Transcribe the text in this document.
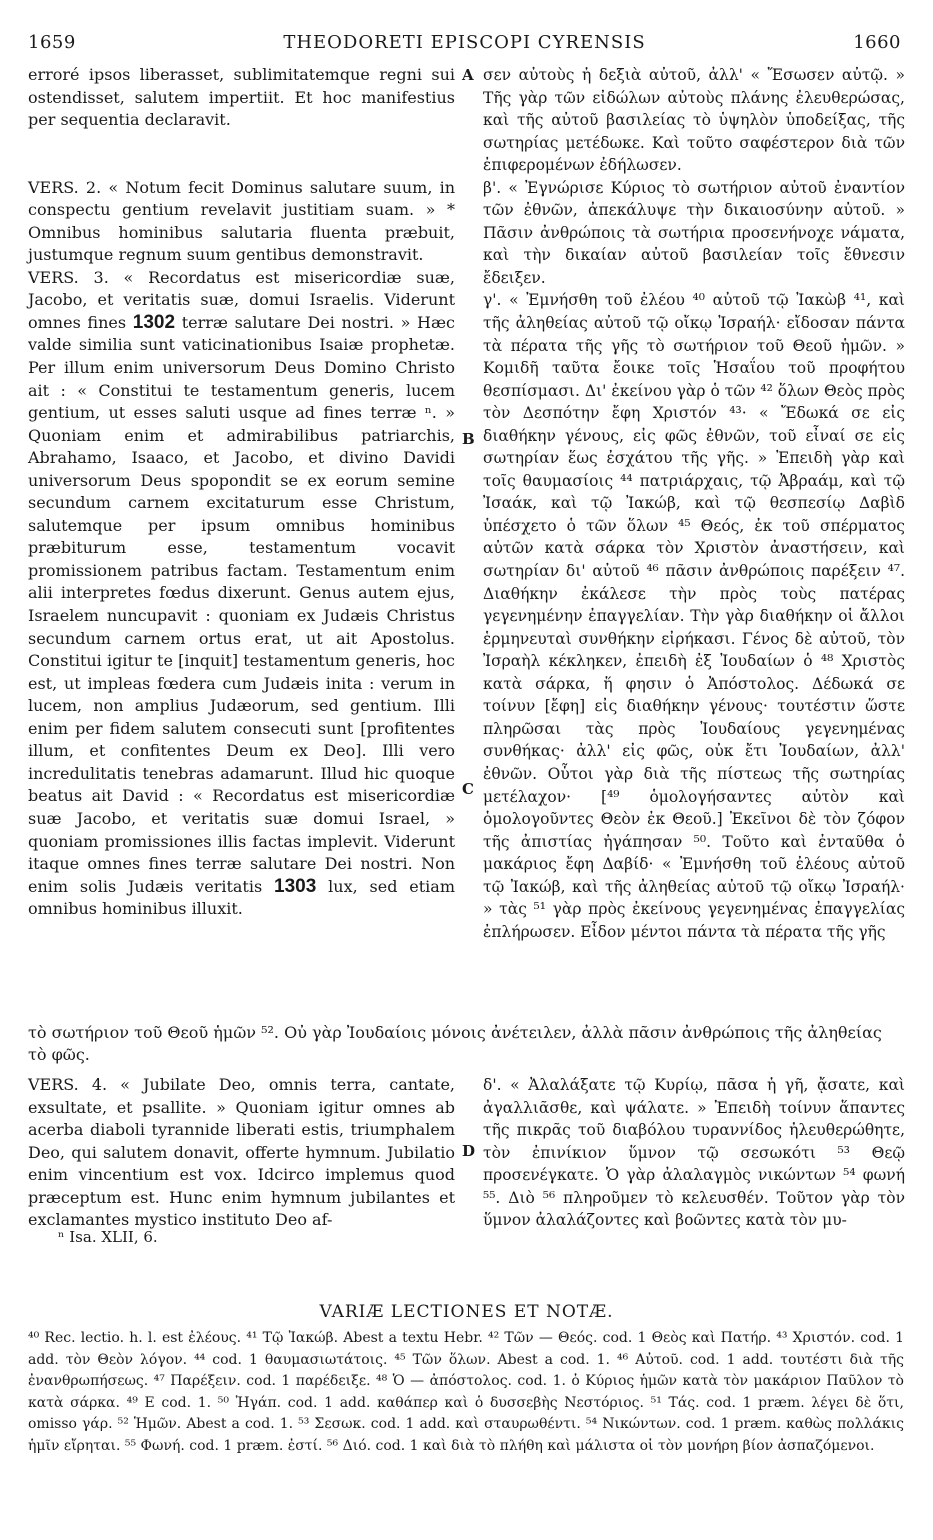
1659	THEODORETI EPISCOPI CYRENSIS	1660
A
B
C
D

erroré ipsos liberasset, sublimitatemque regni sui ostendisset, salutem impertiit. Et hoc manifestius per sequentia declaravit.

VERS. 2. « Notum fecit Dominus salutare suum, in conspectu gentium revelavit justitiam suam. » * Omnibus hominibus salutaria fluenta præbuit, justumque regnum suum gentibus demonstravit.

VERS. 3. « Recordatus est misericordiæ suæ, Jacobo, et veritatis suæ, domui Israelis. Viderunt omnes fines 1302 terræ salutare Dei nostri. » Hæc valde similia sunt vaticinationibus Isaiæ prophetæ. Per illum enim universorum Deus Domino Christo ait : « Constitui te testamentum generis, lucem gentium, ut esses saluti usque ad fines terræ ⁿ. » Quoniam enim et admirabilibus patriarchis, Abrahamo, Isaaco, et Jacobo, et divino Davidi universorum Deus spopondit se ex eorum semine secundum carnem excitaturum esse Christum, salutemque per ipsum omnibus hominibus præbiturum esse, testamentum vocavit promissionem patribus factam. Testamentum enim alii interpretes fœdus dixerunt. Genus autem ejus, Israelem nuncupavit : quoniam ex Judæis Christus secundum carnem ortus erat, ut ait Apostolus. Constitui igitur te [inquit] testamentum generis, hoc est, ut impleas fœdera cum Judæis inita : verum in lucem, non amplius Judæorum, sed gentium. Illi enim per fidem salutem consecuti sunt [profitentes illum, et confitentes Deum ex Deo]. Illi vero incredulitatis tenebras adamarunt. Illud hic quoque beatus ait David : « Recordatus est misericordiæ suæ Jacobo, et veritatis suæ domui Israel, » quoniam promissiones illis factas implevit. Viderunt itaque omnes fines terræ salutare Dei nostri. Non enim solis Judæis veritatis 1303 lux, sed etiam omnibus hominibus illuxit.

σεν αὐτοὺς ἡ δεξιὰ αὐτοῦ, ἀλλ' « Ἔσωσεν αὐτῷ. » Τῆς γὰρ τῶν εἰδώλων αὐτοὺς πλάνης ἐλευθερώσας, καὶ τῆς αὐτοῦ βασιλείας τὸ ὑψηλὸν ὑποδείξας, τῆς σωτηρίας μετέδωκε. Καὶ τοῦτο σαφέστερον διὰ τῶν ἐπιφερομένων ἐδήλωσεν.

β'. « Ἐγνώρισε Κύριος τὸ σωτήριον αὐτοῦ ἐναντίον τῶν ἐθνῶν, ἀπεκάλυψε τὴν δικαιοσύνην αὐτοῦ. » Πᾶσιν ἀνθρώποις τὰ σωτήρια προσενήνοχε νάματα, καὶ τὴν δικαίαν αὐτοῦ βασιλείαν τοῖς ἔθνεσιν ἔδειξεν.

γ'. « Ἐμνήσθη τοῦ ἐλέου ⁴⁰ αὐτοῦ τῷ Ἰακὼβ ⁴¹, καὶ τῆς ἀληθείας αὐτοῦ τῷ οἴκῳ Ἰσραήλ· εἴδοσαν πάντα τὰ πέρατα τῆς γῆς τὸ σωτήριον τοῦ Θεοῦ ἡμῶν. » Κομιδῆ ταῦτα ἔοικε τοῖς Ἡσαΐου τοῦ προφήτου θεσπίσμασι. Δι' ἐκείνου γὰρ ὁ τῶν ⁴² ὅλων Θεὸς πρὸς τὸν Δεσπότην ἔφη Χριστόν ⁴³· « Ἔδωκά σε εἰς διαθήκην γένους, εἰς φῶς ἐθνῶν, τοῦ εἶναί σε εἰς σωτηρίαν ἕως ἐσχάτου τῆς γῆς. » Ἐπειδὴ γὰρ καὶ τοῖς θαυμασίοις ⁴⁴ πατριάρχαις, τῷ Ἀβραάμ, καὶ τῷ Ἰσαάκ, καὶ τῷ Ἰακώβ, καὶ τῷ θεσπεσίῳ Δαβὶδ ὑπέσχετο ὁ τῶν ὅλων ⁴⁵ Θεός, ἐκ τοῦ σπέρματος αὐτῶν κατὰ σάρκα τὸν Χριστὸν ἀναστήσειν, καὶ σωτηρίαν δι' αὐτοῦ ⁴⁶ πᾶσιν ἀνθρώποις παρέξειν ⁴⁷. Διαθήκην ἐκάλεσε τὴν πρὸς τοὺς πατέρας γεγενημένην ἐπαγγελίαν. Τὴν γὰρ διαθήκην οἱ ἄλλοι ἑρμηνευταὶ συνθήκην εἰρήκασι. Γένος δὲ αὐτοῦ, τὸν Ἰσραὴλ κέκληκεν, ἐπειδὴ ἐξ Ἰουδαίων ὁ ⁴⁸ Χριστὸς κατὰ σάρκα, ἥ φησιν ὁ Ἀπόστολος. Δέδωκά σε τοίνυν [ἔφη] εἰς διαθήκην γένους· τουτέστιν ὥστε πληρῶσαι τὰς πρὸς Ἰουδαίους γεγενημένας συνθήκας· ἀλλ' εἰς φῶς, οὐκ ἔτι Ἰουδαίων, ἀλλ' ἐθνῶν. Οὗτοι γὰρ διὰ τῆς πίστεως τῆς σωτηρίας μετέλαχον· [⁴⁹ ὁμολογήσαντες αὐτὸν καὶ ὁμολογοῦντες Θεὸν ἐκ Θεοῦ.] Ἐκεῖνοι δὲ τὸν ζόφον τῆς ἀπιστίας ἠγάπησαν ⁵⁰. Τοῦτο καὶ ἐνταῦθα ὁ μακάριος ἔφη Δαβίδ· « Ἐμνήσθη τοῦ ἐλέους αὐτοῦ τῷ Ἰακώβ, καὶ τῆς ἀληθείας αὐτοῦ τῷ οἴκῳ Ἰσραήλ· » τὰς ⁵¹ γὰρ πρὸς ἐκείνους γεγενημένας ἐπαγγελίας ἐπλήρωσεν. Εἶδον μέντοι πάντα τὰ πέρατα τῆς γῆς

τὸ σωτήριον τοῦ Θεοῦ ἡμῶν ⁵². Οὐ γὰρ Ἰουδαίοις μόνοις ἀνέτειλεν, ἀλλὰ πᾶσιν ἀνθρώποις τῆς ἀληθείας τὸ φῶς.

VERS. 4. « Jubilate Deo, omnis terra, cantate, exsultate, et psallite. » Quoniam igitur omnes ab acerba diaboli tyrannide liberati estis, triumphalem Deo, qui salutem donavit, offerte hymnum. Jubilatio enim vincentium est vox. Idcirco implemus quod præceptum est. Hunc enim hymnum jubilantes et exclamantes mystico instituto Deo af-

δ'. « Ἀλαλάξατε τῷ Κυρίῳ, πᾶσα ἡ γῆ, ᾄσατε, καὶ ἀγαλλιᾶσθε, καὶ ψάλατε. » Ἐπειδὴ τοίνυν ἅπαντες τῆς πικρᾶς τοῦ διαβόλου τυραννίδος ἠλευθερώθητε, τὸν ἐπινίκιον ὕμνον τῷ σεσωκότι ⁵³ Θεῷ προσενέγκατε. Ὁ γὰρ ἀλαλαγμὸς νικώντων ⁵⁴ φωνή ⁵⁵. Διὸ ⁵⁶ πληροῦμεν τὸ κελευσθέν. Τοῦτον γὰρ τὸν ὕμνον ἀλαλάζοντες καὶ βοῶντες κατὰ τὸν μυ-

ⁿ Isa. XLII, 6.
VARIÆ LECTIONES ET NOTÆ.
⁴⁰ Rec. lectio. h. l. est ἐλέους. ⁴¹ Τῷ Ἰακώβ. Abest a textu Hebr. ⁴² Τῶν — Θεός. cod. 1 Θεὸς καὶ Πατήρ. ⁴³ Χριστόν. cod. 1 add. τὸν Θεὸν λόγον. ⁴⁴ cod. 1 θαυμασιωτάτοις. ⁴⁵ Τῶν ὅλων. Abest a cod. 1. ⁴⁶ Αὐτοῦ. cod. 1 add. τουτέστι διὰ τῆς ἐνανθρωπήσεως. ⁴⁷ Παρέξειν. cod. 1 παρέδειξε. ⁴⁸ Ὁ — ἀπόστολος. cod. 1. ὁ Κύριος ἡμῶν κατὰ τὸν μακάριον Παῦλον τὸ κατὰ σάρκα. ⁴⁹ E cod. 1. ⁵⁰ Ἠγάπ. cod. 1 add. καθάπερ καὶ ὁ δυσσεβὴς Νεστόριος. ⁵¹ Τάς. cod. 1 præm. λέγει δὲ ὅτι, omisso γάρ. ⁵² Ἡμῶν. Abest a cod. 1. ⁵³ Σεσωκ. cod. 1 add. καὶ σταυρωθέντι. ⁵⁴ Νικώντων. cod. 1 præm. καθὼς πολλάκις ἡμῖν εἴρηται. ⁵⁵ Φωνή. cod. 1 præm. ἐστί. ⁵⁶ Διό. cod. 1 καὶ διὰ τὸ πλήθη καὶ μάλιστα οἱ τὸν μονήρη βίον ἀσπαζόμενοι.
